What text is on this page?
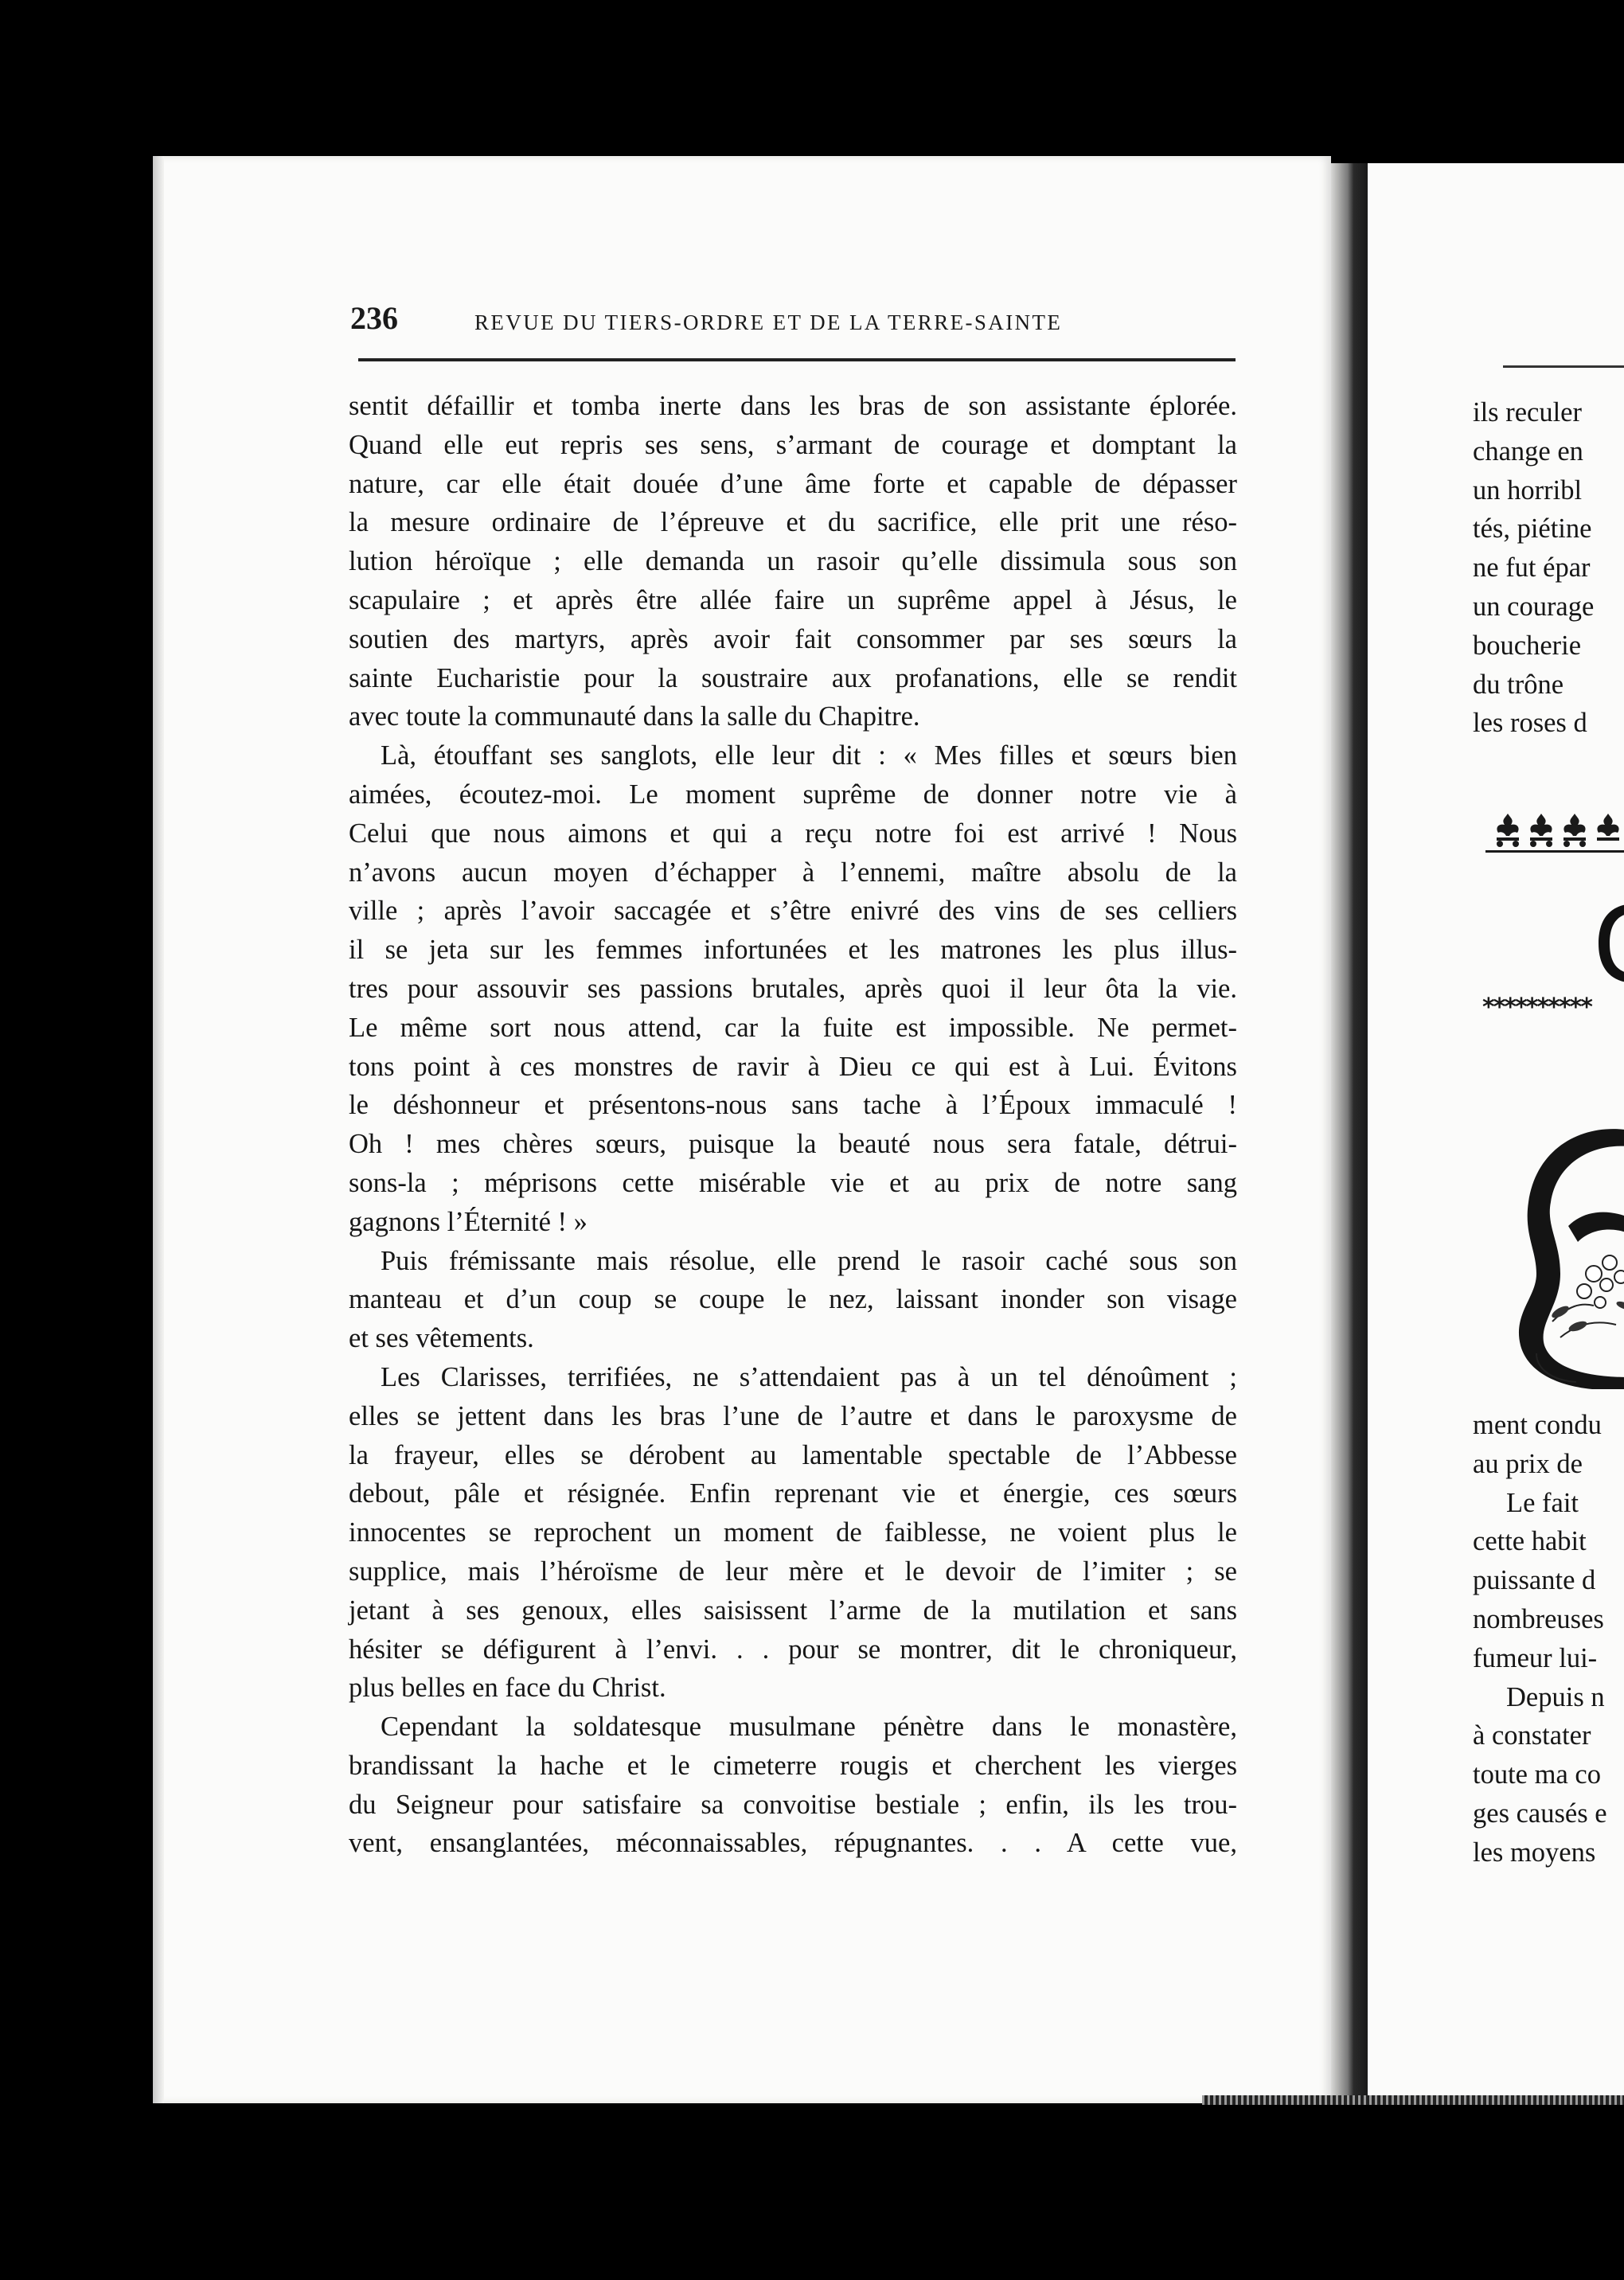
236	REVUE DU TIERS-ORDRE ET DE LA TERRE-SAINTE
sentit défaillir et tomba inerte dans les bras de son assistante éplorée.
Quand elle eut repris ses sens, s’armant de courage et domptant la
nature, car elle était douée d’une âme forte et capable de dépasser
la mesure ordinaire de l’épreuve et du sacrifice, elle prit une réso-
lution héroïque ; elle demanda un rasoir qu’elle dissimula sous son
scapulaire ; et après être allée faire un suprême appel à Jésus, le
soutien des martyrs, après avoir fait consommer par ses sœurs la
sainte Eucharistie pour la soustraire aux profanations, elle se rendit
avec toute la communauté dans la salle du Chapitre.
Là, étouffant ses sanglots, elle leur dit : « Mes filles et sœurs bien
aimées, écoutez-moi. Le moment suprême de donner notre vie à
Celui que nous aimons et qui a reçu notre foi est arrivé ! Nous
n’avons aucun moyen d’échapper à l’ennemi, maître absolu de la
ville ; après l’avoir saccagée et s’être enivré des vins de ses celliers
il se jeta sur les femmes infortunées et les matrones les plus illus-
tres pour assouvir ses passions brutales, après quoi il leur ôta la vie.
Le même sort nous attend, car la fuite est impossible. Ne permet-
tons point à ces monstres de ravir à Dieu ce qui est à Lui. Évitons
le déshonneur et présentons-nous sans tache à l’Époux immaculé !
Oh ! mes chères sœurs, puisque la beauté nous sera fatale, détrui-
sons-la ; méprisons cette misérable vie et au prix de notre sang
gagnons l’Éternité ! »
Puis frémissante mais résolue, elle prend le rasoir caché sous son
manteau et d’un coup se coupe le nez, laissant inonder son visage
et ses vêtements.
Les Clarisses, terrifiées, ne s’attendaient pas à un tel dénoûment ;
elles se jettent dans les bras l’une de l’autre et dans le paroxysme de
la frayeur, elles se dérobent au lamentable spectable de l’Abbesse
debout, pâle et résignée. Enfin reprenant vie et énergie, ces sœurs
innocentes se reprochent un moment de faiblesse, ne voient plus le
supplice, mais l’héroïsme de leur mère et le devoir de l’imiter ; se
jetant à ses genoux, elles saisissent l’arme de la mutilation et sans
hésiter se défigurent à l’envi. . . pour se montrer, dit le chroniqueur,
plus belles en face du Christ.
Cependant la soldatesque musulmane pénètre dans le monastère,
brandissant la hache et le cimeterre rougis et cherchent les vierges
du Seigneur pour satisfaire sa convoitise bestiale ; enfin, ils les trou-
vent, ensanglantées, méconnaissables, répugnantes. . . A cette vue,
ils reculer
change en
un horribl
tés, piétine
ne fut épar
un courage
boucherie
du trône
les roses d
**********
ment condu
au prix de
Le fait
cette habit
puissante d
nombreuses
fumeur lui-
Depuis n
à constater
toute ma co
ges causés e
les moyens
